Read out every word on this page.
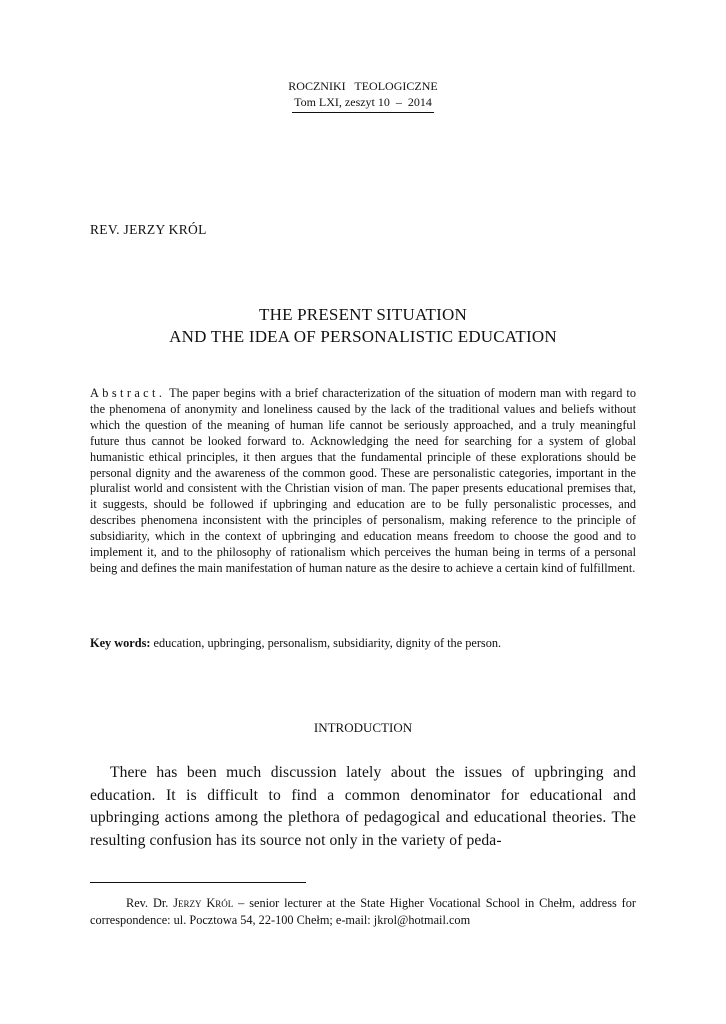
ROCZNIKI   TEOLOGICZNE
Tom LXI, zeszyt 10  –  2014
REV. JERZY KRÓL
THE PRESENT SITUATION
AND THE IDEA OF PERSONALISTIC EDUCATION
Abstract. The paper begins with a brief characterization of the situation of modern man with regard to the phenomena of anonymity and loneliness caused by the lack of the traditional values and beliefs without which the question of the meaning of human life cannot be seriously approached, and a truly meaningful future thus cannot be looked forward to. Acknowledging the need for searching for a system of global humanistic ethical principles, it then argues that the fundamental principle of these explorations should be personal dignity and the awareness of the common good. These are personalistic categories, important in the pluralist world and consistent with the Christian vision of man. The paper presents educational premises that, it suggests, should be followed if upbringing and education are to be fully personalistic processes, and describes phenomena inconsistent with the principles of personalism, making reference to the principle of subsidiarity, which in the context of upbringing and education means freedom to choose the good and to implement it, and to the philosophy of rationalism which perceives the human being in terms of a personal being and defines the main manifestation of human nature as the desire to achieve a certain kind of fulfillment.
Key words: education, upbringing, personalism, subsidiarity, dignity of the person.
INTRODUCTION
There has been much discussion lately about the issues of upbringing and education. It is difficult to find a common denominator for educational and upbringing actions among the plethora of pedagogical and educational theories. The resulting confusion has its source not only in the variety of peda-
Rev. Dr. Jerzy Król – senior lecturer at the State Higher Vocational School in Chełm, address for correspondence: ul. Pocztowa 54, 22-100 Chełm; e-mail: jkrol@hotmail.com
